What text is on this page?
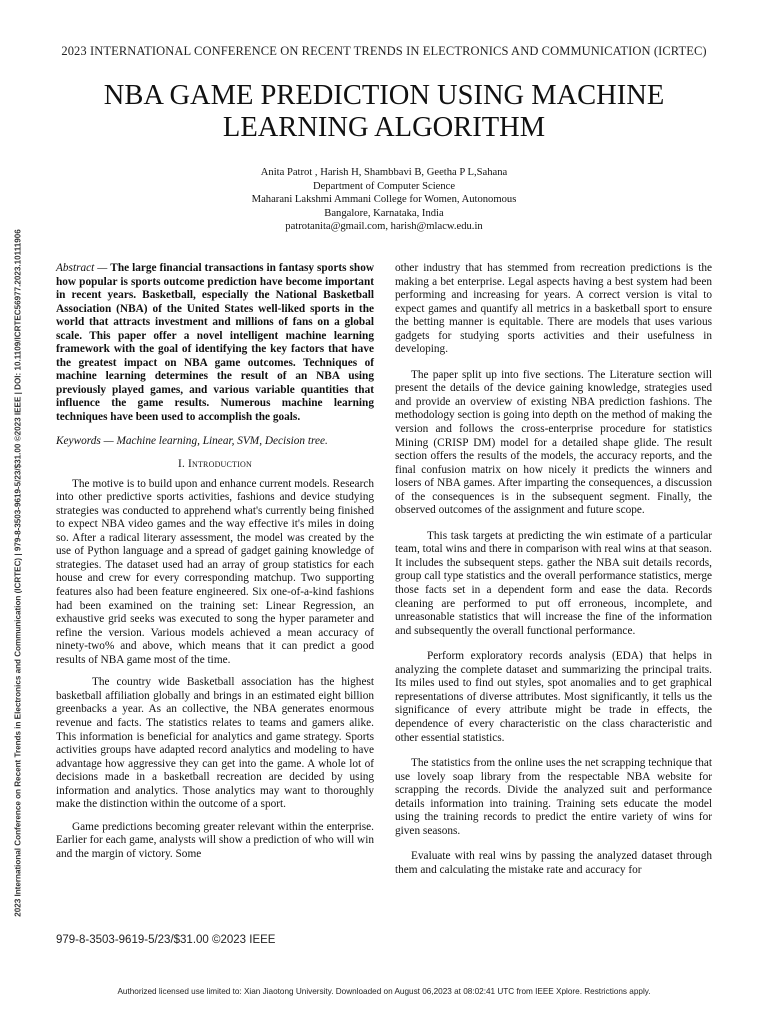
2023 INTERNATIONAL CONFERENCE ON RECENT TRENDS IN ELECTRONICS AND COMMUNICATION (ICRTEC)
NBA GAME PREDICTION USING MACHINE
LEARNING ALGORITHM
Anita Patrot , Harish H, Shambbavi B, Geetha P L,Sahana
Department of Computer Science
Maharani Lakshmi Ammani College for Women, Autonomous
Bangalore, Karnataka, India
patrotanita@gmail.com, harish@mlacw.edu.in
2023 International Conference on Recent Trends in Electronics and Communication (ICRTEC) | 979-8-3503-9619-5/23/$31.00 ©2023 IEEE | DOI: 10.1109/ICRTEC56977.2023.10111906	Abstract — The large financial transactions in fantasy sports show how popular is sports outcome prediction have become important in recent years. Basketball, especially the National Basketball Association (NBA) of the United States well-liked sports in the world that attracts investment and millions of fans on a global scale. This paper offer a novel intelligent machine learning framework with the goal of identifying the key factors that have the greatest impact on NBA game outcomes. Techniques of machine learning determines the result of an NBA using previously played games, and various variable quantities that influence the game results. Numerous machine learning techniques have been used to accomplish the goals.

Keywords — Machine learning, Linear, SVM, Decision tree.

I. Introduction

The motive is to build upon and enhance current models. Research into other predictive sports activities, fashions and device studying strategies was conducted to apprehend what's currently being finished to expect NBA video games and the way effective it's miles in doing so. After a radical literary assessment, the model was created by the use of Python language and a spread of gadget gaining knowledge of strategies. The dataset used had an array of group statistics for each house and crew for every corresponding matchup. Two supporting features also had been feature engineered. Six one-of-a-kind fashions had been examined on the training set: Linear Regression, an exhaustive grid seeks was executed to song the hyper parameter and refine the version. Various models achieved a mean accuracy of ninety-two% and above, which means that it can predict a good results of NBA game most of the time.

The country wide Basketball association has the highest basketball affiliation globally and brings in an estimated eight billion greenbacks a year. As an collective, the NBA generates enormous revenue and facts. The statistics relates to teams and gamers alike. This information is beneficial for analytics and game strategy. Sports activities groups have adapted record analytics and modeling to have advantage how aggressive they can get into the game. A whole lot of decisions made in a basketball recreation are decided by using information and analytics. Those analytics may want to thoroughly make the distinction within the outcome of a sport.

Game predictions becoming greater relevant within the enterprise. Earlier for each game, analysts will show a prediction of who will win and the margin of victory. Some

other industry that has stemmed from recreation predictions is the making a bet enterprise. Legal aspects having a best system had been performing and increasing for years. A correct version is vital to expect games and quantify all metrics in a basketball sport to ensure the betting manner is equitable. There are models that uses various gadgets for studying sports activities and their usefulness in developing.

The paper split up into five sections. The Literature section will present the details of the device gaining knowledge, strategies used and provide an overview of existing NBA prediction fashions. The methodology section is going into depth on the method of making the version and follows the cross-enterprise procedure for statistics Mining (CRISP DM) model for a detailed shape glide. The result section offers the results of the models, the accuracy reports, and the final confusion matrix on how nicely it predicts the winners and losers of NBA games. After imparting the consequences, a discussion of the consequences is in the subsequent segment. Finally, the observed outcomes of the assignment and future scope.

This task targets at predicting the win estimate of a particular team, total wins and there in comparison with real wins at that season. It includes the subsequent steps. gather the NBA suit details records, group call type statistics and the overall performance statistics, merge those facts set in a dependent form and ease the data. Records cleaning are performed to put off erroneous, incomplete, and unreasonable statistics that will increase the fine of the information and subsequently the overall functional performance.

Perform exploratory records analysis (EDA) that helps in analyzing the complete dataset and summarizing the principal traits. Its miles used to find out styles, spot anomalies and to get graphical representations of diverse attributes. Most significantly, it tells us the significance of every attribute might be trade in effects, the dependence of every characteristic on the class characteristic and other essential statistics.

The statistics from the online uses the net scrapping technique that use lovely soap library from the respectable NBA website for scrapping the records. Divide the analyzed suit and performance details information into training. Training sets educate the model using the training records to predict the entire variety of wins for given seasons.

Evaluate with real wins by passing the analyzed dataset through them and calculating the mistake rate and accuracy for

979-8-3503-9619-5/23/$31.00 ©2023 IEEE
Authorized licensed use limited to: Xian Jiaotong University. Downloaded on August 06,2023 at 08:02:41 UTC from IEEE Xplore. Restrictions apply.
